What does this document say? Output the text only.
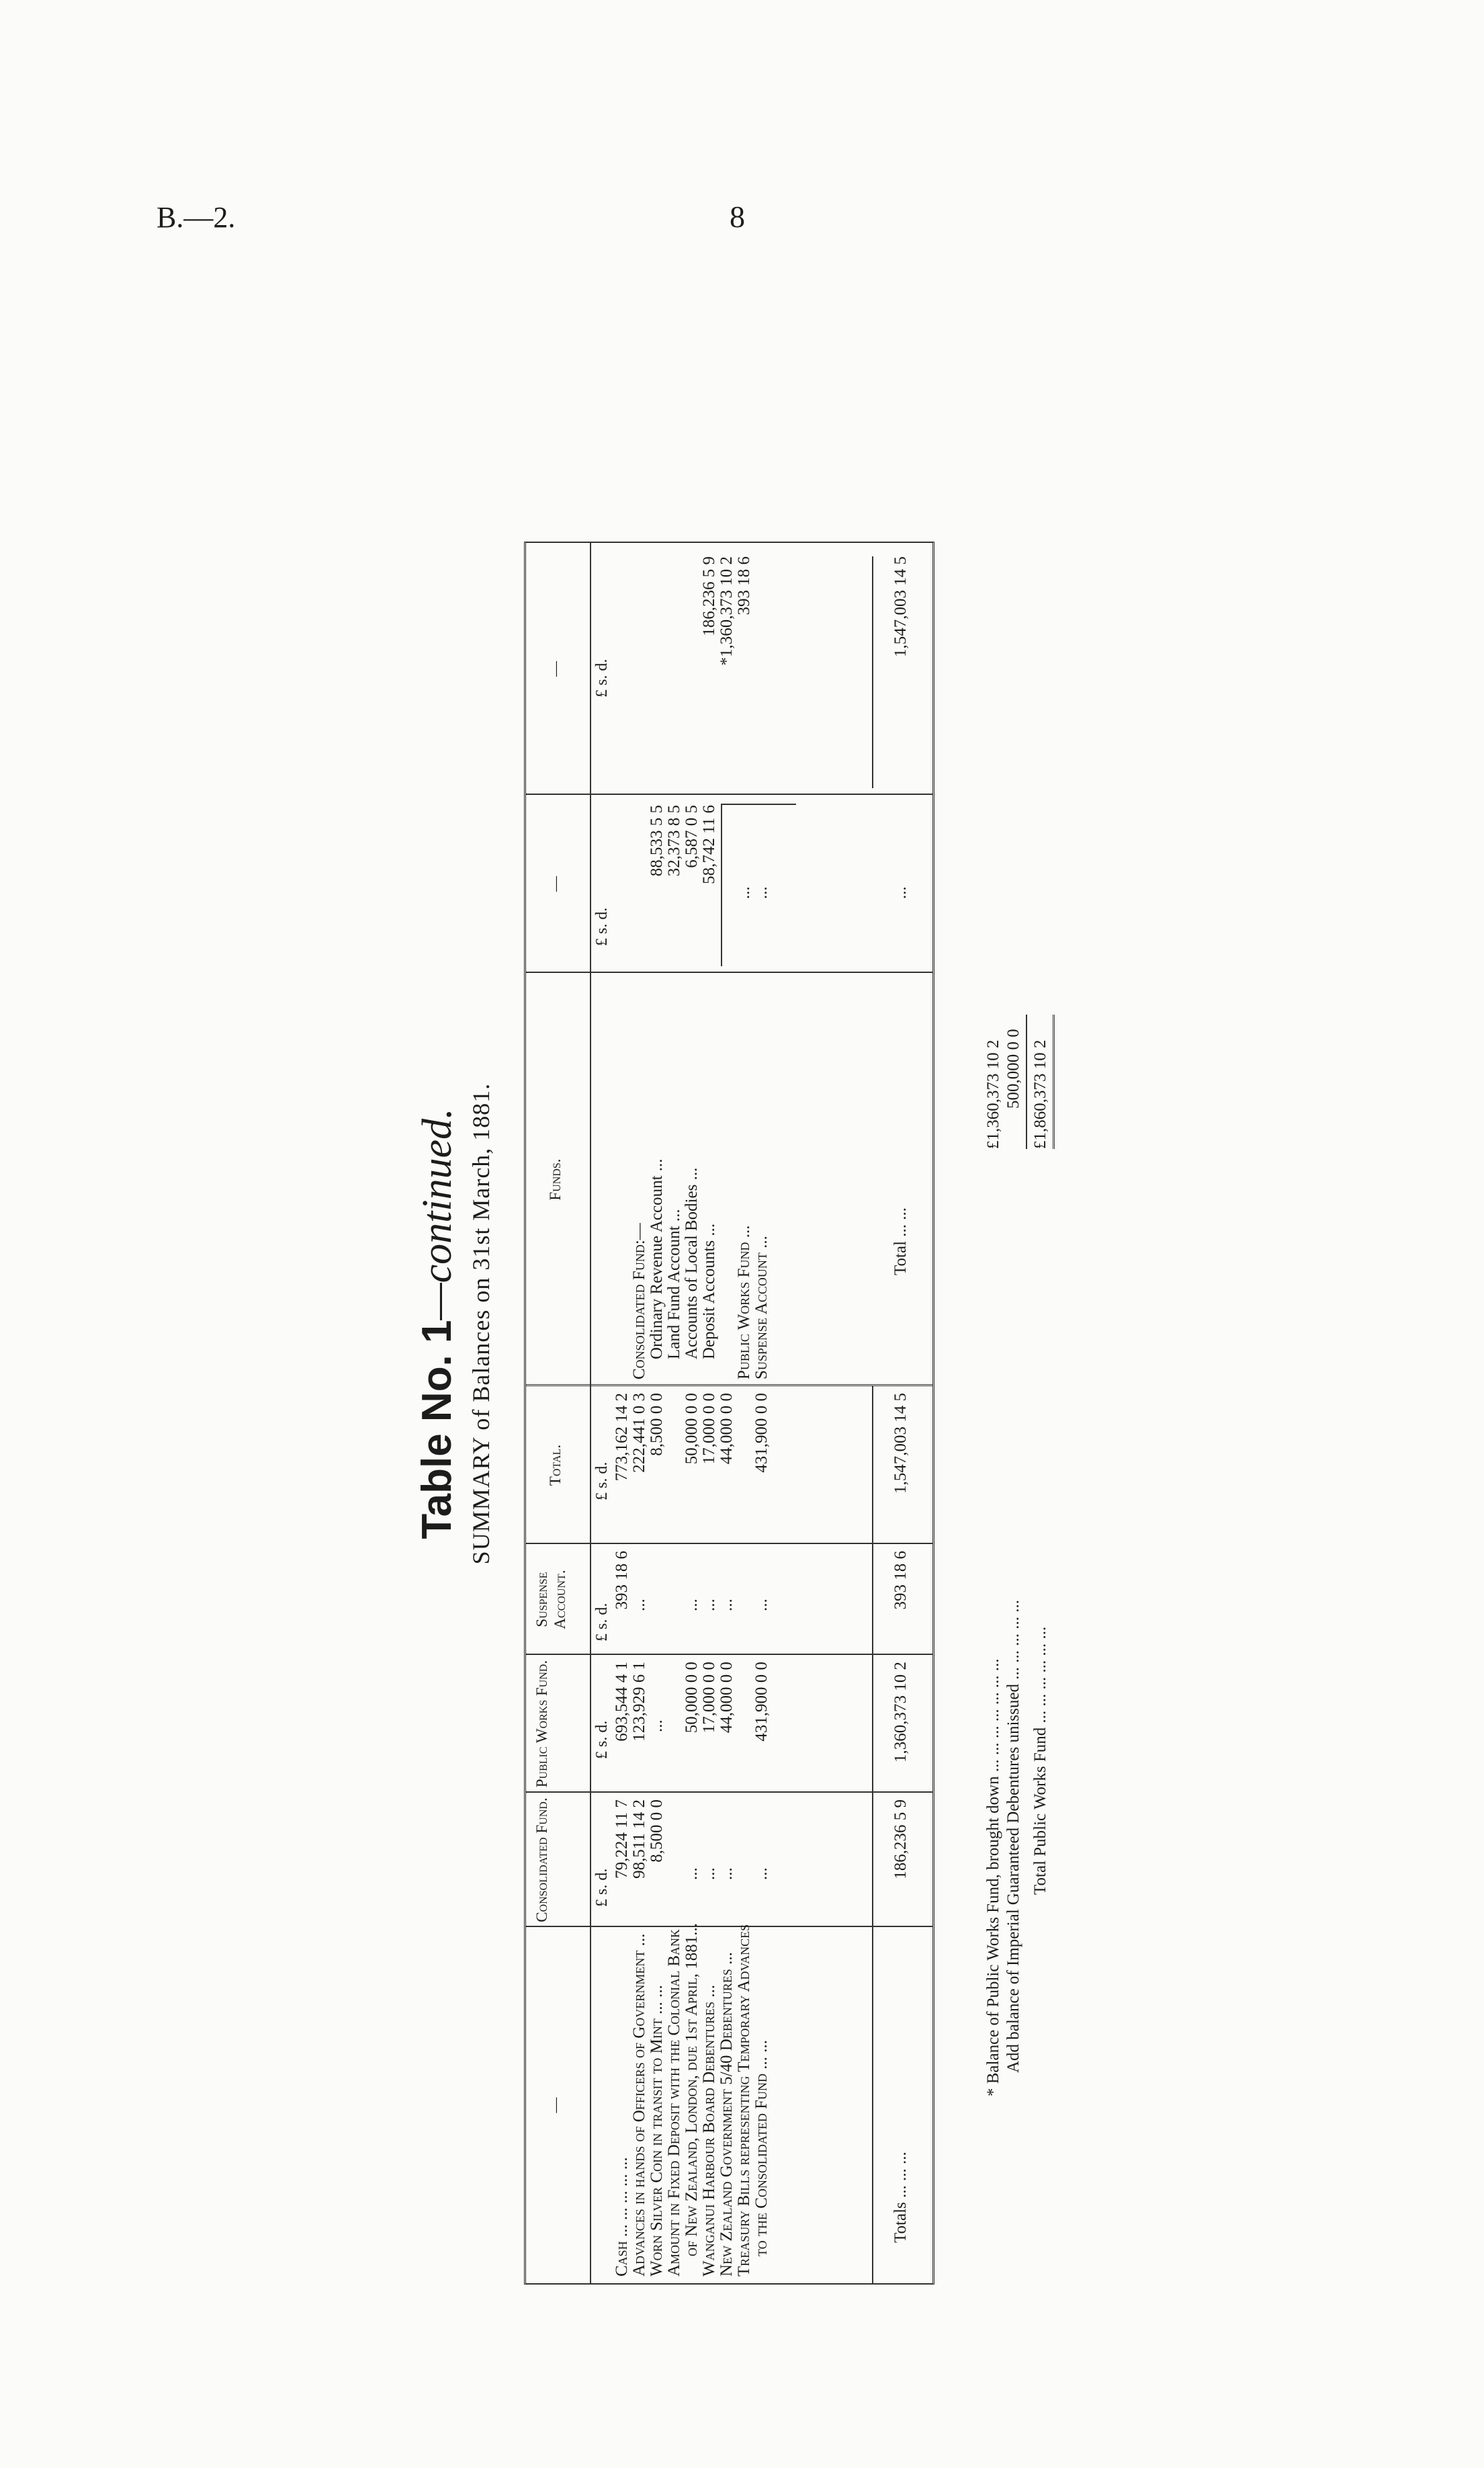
B.—2.	8
Table No. 1—continued. SUMMARY of Balances on 31st March, 1881.
—
Consolidated Fund.
Public Works Fund.
Suspense Account.
Total.
Funds.
—
—
£ s. d.
£ s. d.
£ s. d.
£ s. d.
£ s. d.
£ s. d.
Cash ... ... ... ... ... Advances in hands of Officers of Government ... Worn Silver Coin in transit to Mint ... ... Amount in Fixed Deposit with the Colonial Bank of New Zealand, London, due 1st April, 1881... Wanganui Harbour Board Debentures ... New Zealand Government 5/40 Debentures ... Treasury Bills representing Temporary Advances to the Consolidated Fund ... ...
79,224 11 7 98,511 14 2 8,500 0 0
... ... ... ...
693,544 4 1 123,929 6 1 ... 50,000 0 0 17,000 0 0 44,000 0 0 431,900 0 0
393 18 6 ... ... ... ... ...
773,162 14 2 222,441 0 3 8,500 0 0 50,000 0 0 17,000 0 0 44,000 0 0 431,900 0 0
Totals ... ... ...
186,236 5 9
1,360,373 10 2
393 18 6
1,547,003 14 5
Consolidated Fund:— Ordinary Revenue Account ... Land Fund Account ... Accounts of Local Bodies ... Deposit Accounts ... Public Works Fund ... Suspense Account ...
88,533 5 5 32,373 8 5 6,587 0 5 58,742 11 6
... ...
186,236 5 9 *1,360,373 10 2 393 18 6
Total ... ...
...
1,547,003 14 5
* Balance of Public Works Fund, brought down ... ... ... ... ... ... ...
£1,360,373 10 2
Add balance of Imperial Guaranteed Debentures unissued ... ... ... ... ...
500,000 0 0
Total Public Works Fund ... ... ... ... ... ...
£1,860,373 10 2
